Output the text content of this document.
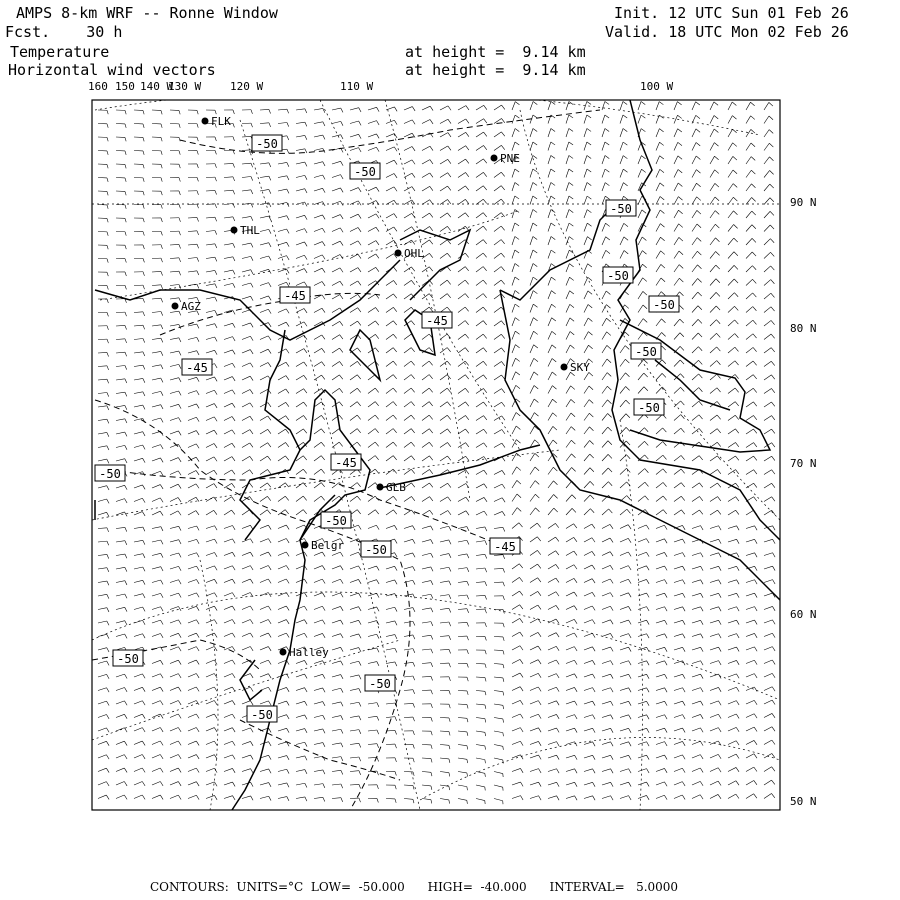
AMPS 8-km WRF -- Ronne Window
Fcst.    30 h
Init. 12 UTC Sun 01 Feb 26
Valid. 18 UTC Mon 02 Feb 26
Temperature
Horizontal wind vectors
at height =  9.14 km
at height =  9.14 km
FLK
PNE
THL
OHL
AGZ
SKY
GLB
Belgr
Halley
-50
-50
-50
-50
-45
-45
-45
-50
-50
-50
-50
-45
-50
-50	-45
-50
-50
-50
160 150 140 W
130 W	120 W	110 W	100 W
90 N
80 N
70 N
60 N
50 N
CONTOURS:  UNITS=°C  LOW=  -50.000      HIGH=  -40.000      INTERVAL=   5.0000
